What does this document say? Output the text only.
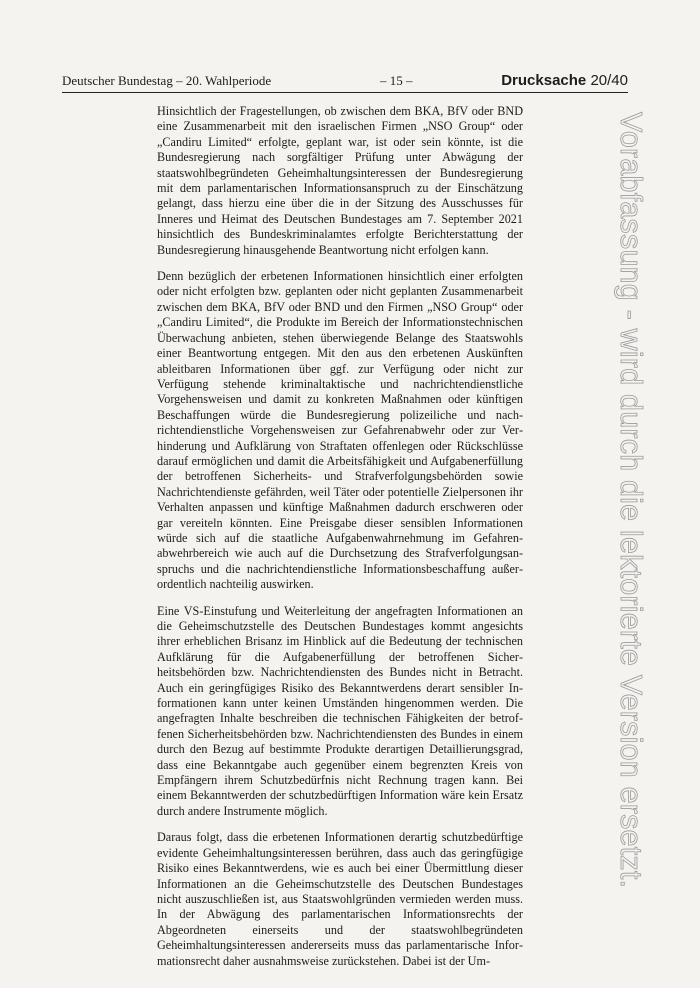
Deutscher Bundestag – 20. Wahlperiode	– 15 –	Drucksache 20/40

Hinsichtlich der Fragestellungen, ob zwischen dem BKA, BfV oder BND eine Zusammenarbeit mit den israelischen Firmen „NSO Group“ oder „Candiru Limited“ erfolgte, geplant war, ist oder sein könnte, ist die Bundesregierung nach sorgfältiger Prüfung unter Abwägung der staatswohlbegründeten Geheimhaltungsinteressen der Bundesregierung mit dem parlamentarischen Informationsanspruch zu der Einschätzung gelangt, dass hierzu eine über die in der Sitzung des Ausschusses für Inneres und Heimat des Deutschen Bundestages am 7. September 2021 hinsichtlich des Bundeskriminalamtes erfolgte Berichterstattung der Bundesregierung hinausgehende Beantwortung nicht erfolgen kann.

Denn bezüglich der erbetenen Informationen hinsichtlich einer erfolgten oder nicht erfolgten bzw. geplanten oder nicht geplanten Zusammenarbeit zwischen dem BKA, BfV oder BND und den Firmen „NSO Group“ oder „Candiru Limited“, die Produkte im Bereich der Informationstechnischen Überwachung anbieten, stehen überwiegende Belange des Staatswohls einer Beantwortung entgegen. Mit den aus den erbetenen Auskünften ableitbaren Informationen über ggf. zur Verfügung oder nicht zur Verfügung stehende kriminaltaktische und nachrichtendienstliche Vorgehensweisen und damit zu konkreten Maßnahmen oder künftigen Beschaffungen würde die Bundesregierung polizeiliche und nachrichtendienstliche Vorgehensweisen zur Gefahrenabwehr oder zur Verhinderung und Aufklärung von Straftaten offenlegen oder Rückschlüsse darauf ermöglichen und damit die Arbeitsfähigkeit und Aufgabenerfüllung der betroffenen Sicherheits- und Strafverfolgungsbehörden sowie Nachrichtendienste gefährden, weil Täter oder potentielle Zielpersonen ihr Verhalten anpassen und künftige Maßnahmen dadurch erschweren oder gar vereiteln könnten. Eine Preisgabe dieser sensiblen Informationen würde sich auf die staatliche Aufgabenwahrnehmung im Gefahrenabwehrbereich wie auch auf die Durchsetzung des Strafverfolgungsanspruchs und die nachrichtendienstliche Informationsbeschaffung außerordentlich nachteilig auswirken.

Eine VS-Einstufung und Weiterleitung der angefragten Informationen an die Geheimschutzstelle des Deutschen Bundestages kommt angesichts ihrer erheblichen Brisanz im Hinblick auf die Bedeutung der technischen Aufklärung für die Aufgabenerfüllung der betroffenen Sicherheitsbehörden bzw. Nachrichtendiensten des Bundes nicht in Betracht. Auch ein geringfügiges Risiko des Bekanntwerdens derart sensibler Informationen kann unter keinen Umständen hingenommen werden. Die angefragten Inhalte beschreiben die technischen Fähigkeiten der betroffenen Sicherheitsbehörden bzw. Nachrichtendiensten des Bundes in einem durch den Bezug auf bestimmte Produkte derartigen Detaillierungsgrad, dass eine Bekanntgabe auch gegenüber einem begrenzten Kreis von Empfängern ihrem Schutzbedürfnis nicht Rechnung tragen kann. Bei einem Bekanntwerden der schutzbedürftigen Information wäre kein Ersatz durch andere Instrumente möglich.

Daraus folgt, dass die erbetenen Informationen derartig schutzbedürftige evidente Geheimhaltungsinteressen berühren, dass auch das geringfügige Risiko eines Bekanntwerdens, wie es auch bei einer Übermittlung dieser Informationen an die Geheimschutzstelle des Deutschen Bundestages nicht auszuschließen ist, aus Staatswohlgründen vermieden werden muss. In der Abwägung des parlamentarischen Informationsrechts der Abgeordneten einerseits und der staatswohlbegründeten Geheimhaltungsinteressen andererseits muss das parlamentarische Informationsrecht daher ausnahmsweise zurückstehen. Dabei ist der Um-

Vorabfassung - wird durch die lektorierte Version ersetzt.
